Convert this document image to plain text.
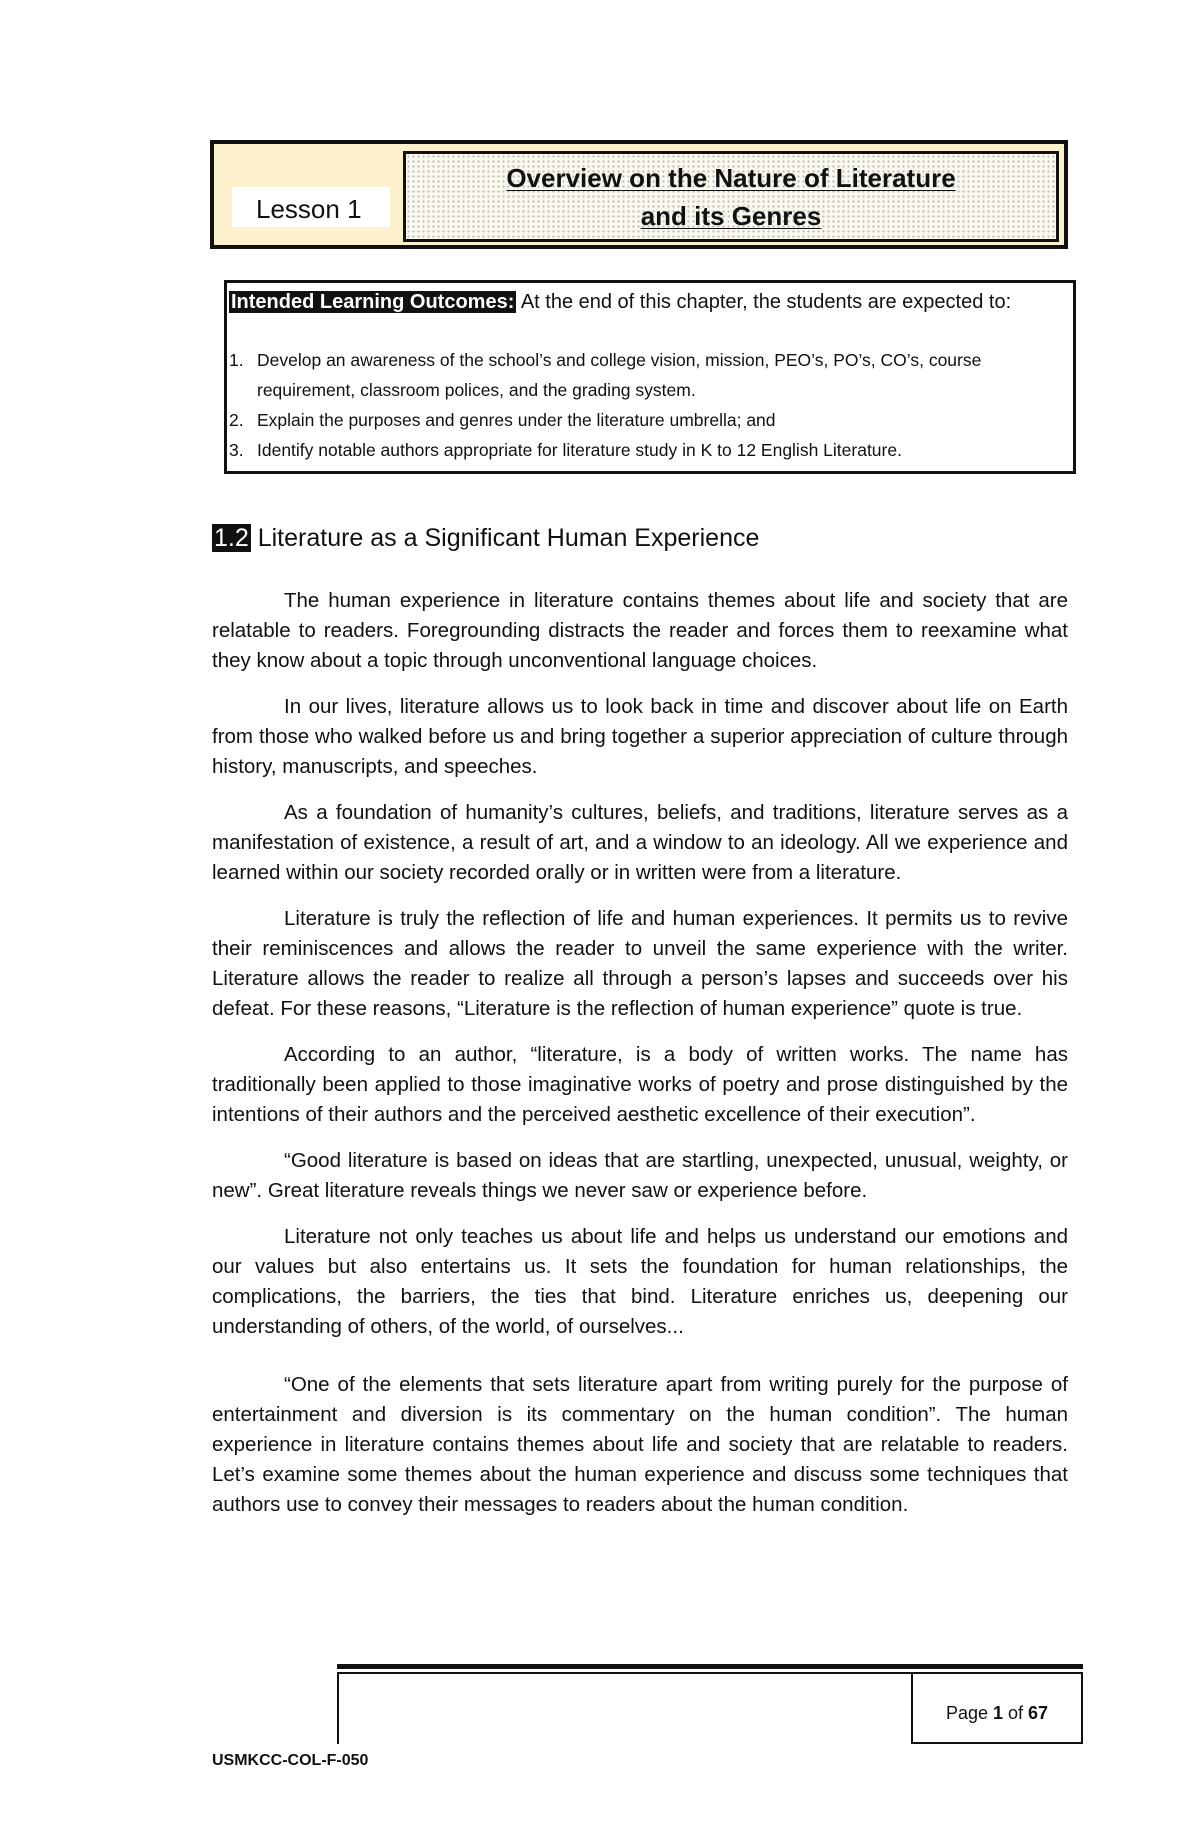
Lesson 1
Overview on the Nature of Literature
and its Genres
Intended Learning Outcomes: At the end of this chapter, the students are expected to:
1. Develop an awareness of the school’s and college vision, mission, PEO’s, PO’s, CO’s, course requirement, classroom polices, and the grading system.
2. Explain the purposes and genres under the literature umbrella; and
3. Identify notable authors appropriate for literature study in K to 12 English Literature.
1.2 Literature as a Significant Human Experience

The human experience in literature contains themes about life and society that are relatable to readers. Foregrounding distracts the reader and forces them to reexamine what they know about a topic through unconventional language choices.

In our lives, literature allows us to look back in time and discover about life on Earth from those who walked before us and bring together a superior appreciation of culture through history, manuscripts, and speeches.

As a foundation of humanity’s cultures, beliefs, and traditions, literature serves as a manifestation of existence, a result of art, and a window to an ideology. All we experience and learned within our society recorded orally or in written were from a literature.

Literature is truly the reflection of life and human experiences. It permits us to revive their reminiscences and allows the reader to unveil the same experience with the writer. Literature allows the reader to realize all through a person’s lapses and succeeds over his defeat. For these reasons, “Literature is the reflection of human experience” quote is true.

According to an author, “literature, is a body of written works. The name has traditionally been applied to those imaginative works of poetry and prose distinguished by the intentions of their authors and the perceived aesthetic excellence of their execution”.

“Good literature is based on ideas that are startling, unexpected, unusual, weighty, or new”. Great literature reveals things we never saw or experience before.

Literature not only teaches us about life and helps us understand our emotions and our values but also entertains us. It sets the foundation for human relationships, the complications, the barriers, the ties that bind. Literature enriches us, deepening our understanding of others, of the world, of ourselves...

“One of the elements that sets literature apart from writing purely for the purpose of entertainment and diversion is its commentary on the human condition”. The human experience in literature contains themes about life and society that are relatable to readers. Let’s examine some themes about the human experience and discuss some techniques that authors use to convey their messages to readers about the human condition.

Page 1 of 67
USMKCC-COL-F-050
